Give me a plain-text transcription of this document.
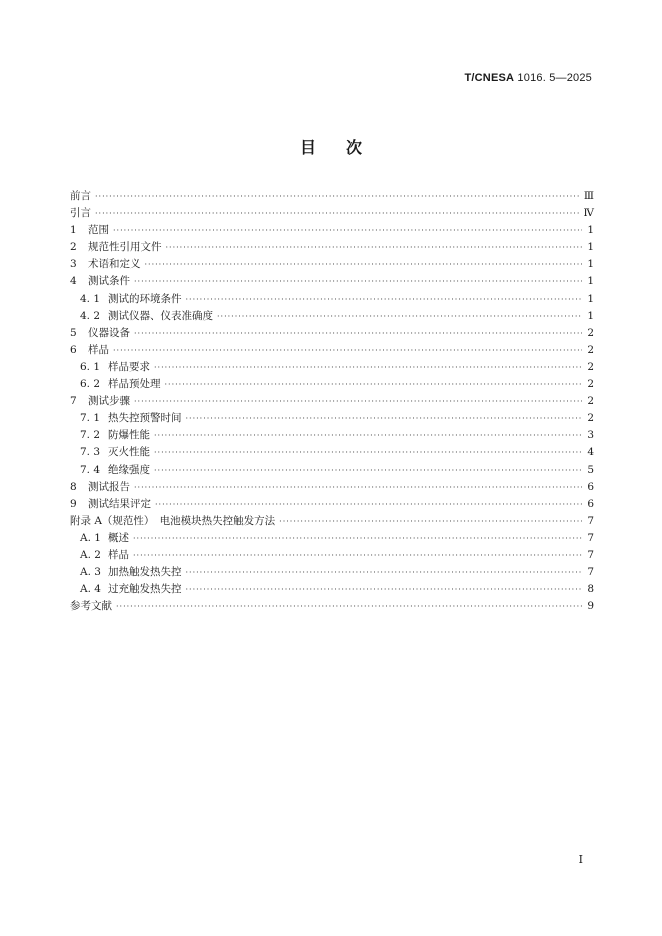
T/CNESA 1016. 5—2025
目次
前言 ·····	Ⅲ
引言 ·····	Ⅳ
1	范围 ·····	1
2	规范性引用文件 ·····	1
3	术语和定义 ·····	1
4	测试条件 ·····	1
4. 1 测试的环境条件 ·····	1
4. 2 测试仪器、仪表准确度 ·····	1
5	仪器设备 ·····	2
6	样品 ·····	2
6. 1 样品要求 ·····	2
6. 2 样品预处理 ·····	2
7	测试步骤 ·····	2
7. 1 热失控预警时间 ·····	2
7. 2 防爆性能 ·····	3
7. 3 灭火性能 ·····	4
7. 4 绝缘强度 ·····	5
8	测试报告 ·····	6
9	测试结果评定 ·····	6
附录 A（规范性）　电池模块热失控触发方法 ·····	7
A. 1 概述 ·····	7
A. 2 样品 ·····	7
A. 3 加热触发热失控 ·····	7
A. 4 过充触发热失控 ·····	8
参考文献 ·····	9
Ⅰ
